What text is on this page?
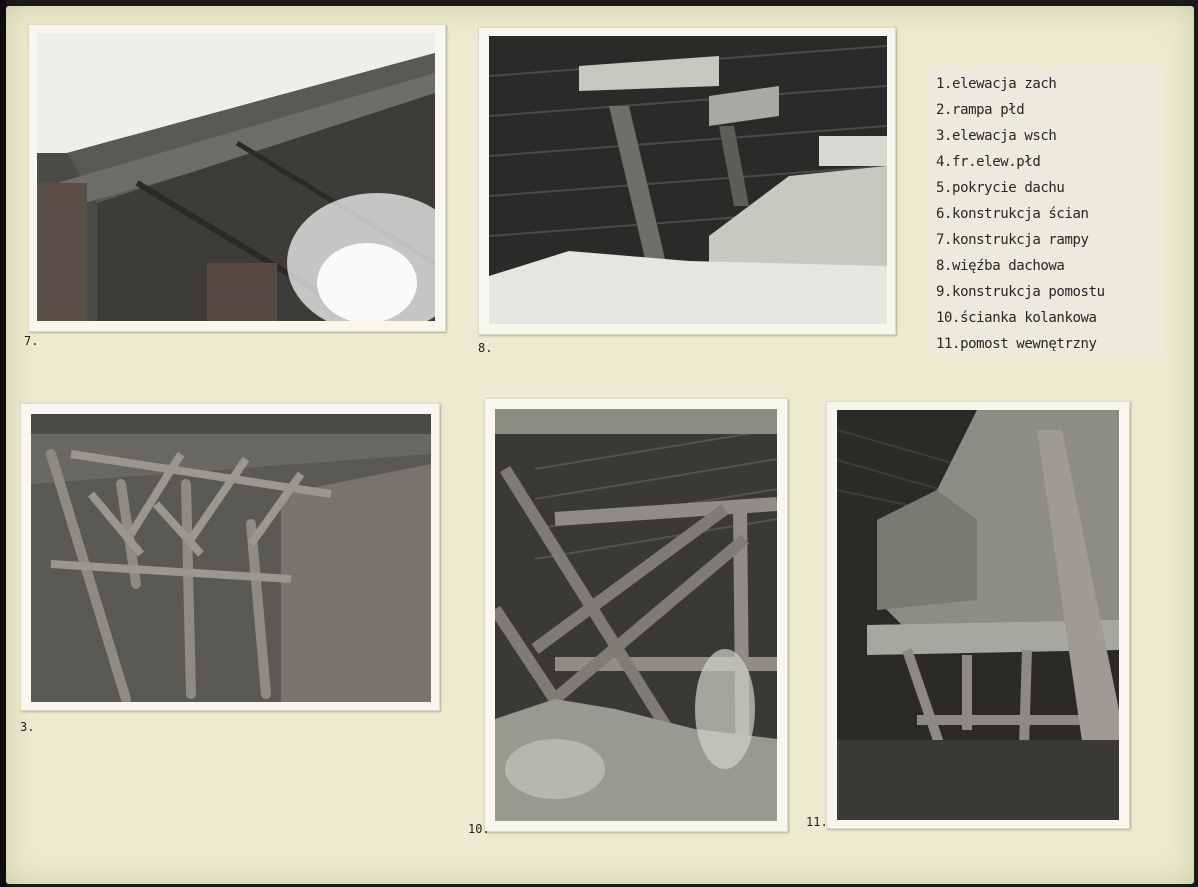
7.	8.
1.elewacja zach
2.rampa płd
3.elewacja wsch
4.fr.elew.płd
5.pokrycie dachu
6.konstrukcja ścian
7.konstrukcja rampy
8.więźba dachowa
9.konstrukcja pomostu
10.ścianka kolankowa
11.pomost wewnętrzny
3.
10.	11.
